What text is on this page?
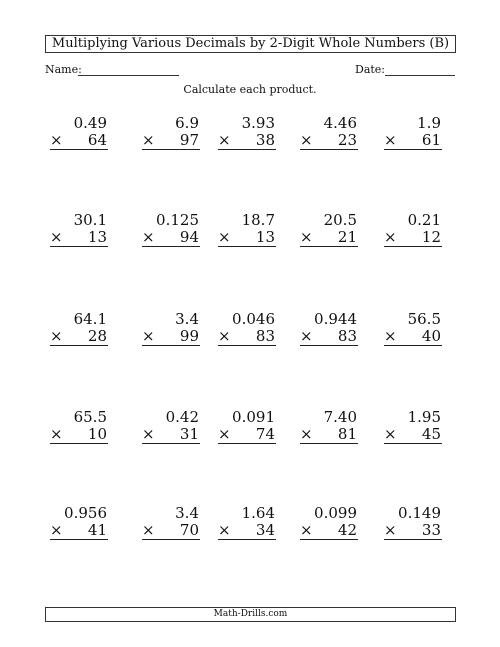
Multiplying Various Decimals by 2-Digit Whole Numbers (B)
Name:	Date:
Calculate each product.
0.49
× 64
6.9
× 97
3.93
× 38
4.46
× 23
1.9
× 61
30.1
× 13
0.125
× 94
18.7
× 13
20.5
× 21
0.21
× 12
64.1
× 28
3.4
× 99
0.046
× 83
0.944
× 83
56.5
× 40
65.5
× 10
0.42
× 31
0.091
× 74
7.40
× 81
1.95
× 45
0.956
× 41
3.4
× 70
1.64
× 34
0.099
× 42
0.149
× 33
Math-Drills.com
